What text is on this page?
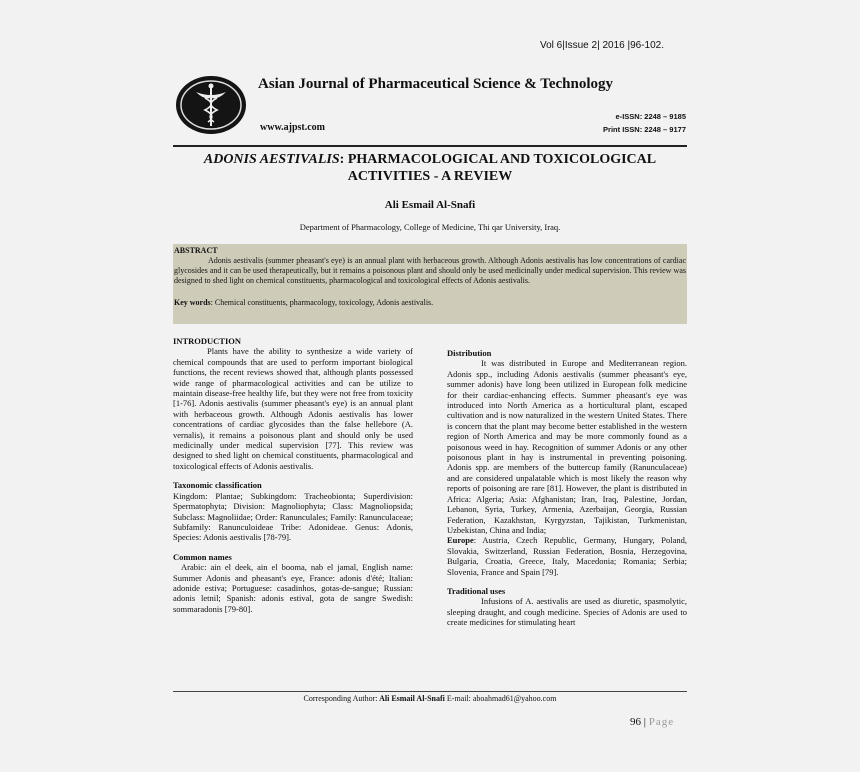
Vol 6|Issue 2| 2016 |96-102.
Asian Journal of Pharmaceutical Science & Technology
e-ISSN: 2248 – 9185
www.ajpst.com	Print ISSN: 2248 – 9177
ADONIS AESTIVALIS: PHARMACOLOGICAL AND TOXICOLOGICAL ACTIVITIES - A REVIEW
Ali Esmail Al-Snafi
Department of Pharmacology, College of Medicine, Thi qar University, Iraq.
ABSTRACT

Adonis aestivalis (summer pheasant's eye) is an annual plant with herbaceous growth. Although Adonis aestivalis has low concentrations of cardiac glycosides and it can be used therapeutically, but it remains a poisonous plant and should only be used medicinally under medical supervision. This review was designed to shed light on chemical constituents, pharmacological and toxicological effects of Adonis aestivalis.

Key words: Chemical constituents, pharmacology, toxicology, Adonis aestivalis.

INTRODUCTION

Plants have the ability to synthesize a wide variety of chemical compounds that are used to perform important biological functions, the recent reviews showed that, although plants possessed wide range of pharmacological activities and can be utilize to maintain disease-free healthy life, but they were not free from toxicity [1-76]. Adonis aestivalis (summer pheasant's eye) is an annual plant with herbaceous growth. Although Adonis aestivalis has lower concentrations of cardiac glycosides than the false hellebore (A. vernalis), it remains a poisonous plant and should only be used medicinally under medical supervision [77]. This review was designed to shed light on chemical constituents, pharmacological and toxicological effects of Adonis aestivalis.

Taxonomic classification

Kingdom: Plantae; Subkingdom: Tracheobionta; Superdivision: Spermatophyta; Division: Magnoliophyta; Class: Magnoliopsida; Subclass: Magnoliidae; Order: Ranunculales; Family: Ranunculaceae; Subfamily: Ranunculoideae Tribe: Adonideae. Genus: Adonis, Species: Adonis aestivalis [78-79].

Common names

Arabic: ain el deek, ain el booma, nab el jamal, English name: Summer Adonis and pheasant's eye, France: adonis d'été; Italian: adonide estiva; Portuguese: casadinhos, gotas-de-sangue; Russian: adonis letnil; Spanish: adonis estival, gota de sangre Swedish: sommaradonis [79-80].

Distribution

It was distributed in Europe and Mediterranean region. Adonis spp., including Adonis aestivalis (summer pheasant's eye, summer adonis) have long been utilized in European folk medicine for their cardiac-enhancing effects. Summer pheasant's eye was introduced into North America as a horticultural plant, escaped cultivation and is now naturalized in the western United States. There is concern that the plant may become better established in the western region of North America and may be more commonly found as a poisonous weed in hay. Recognition of summer Adonis or any other poisonous plant in hay is instrumental in preventing poisoning. Adonis spp. are members of the buttercup family (Ranunculaceae) and are considered unpalatable which is most likely the reason why reports of poisoning are rare [81]. However, the plant is distributed in Africa: Algeria; Asia: Afghanistan; Iran, Iraq, Palestine, Jordan, Lebanon, Syria, Turkey, Armenia, Azerbaijan, Georgia, Russian Federation, Kazakhstan, Kyrgyzstan, Tajikistan, Turkmenistan, Uzbekistan, China and India;

Europe: Austria, Czech Republic, Germany, Hungary, Poland, Slovakia, Switzerland, Russian Federation, Bosnia, Herzegovina, Bulgaria, Croatia, Greece, Italy, Macedonia; Romania; Serbia; Slovenia, France and Spain [79].

Traditional uses

Infusions of A. aestivalis are used as diuretic, spasmolytic, sleeping draught, and cough medicine. Species of Adonis are used to create medicines for stimulating heart

Corresponding Author: Ali Esmail Al-Snafi E-mail: aboahmad61@yahoo.com
96 | Page
